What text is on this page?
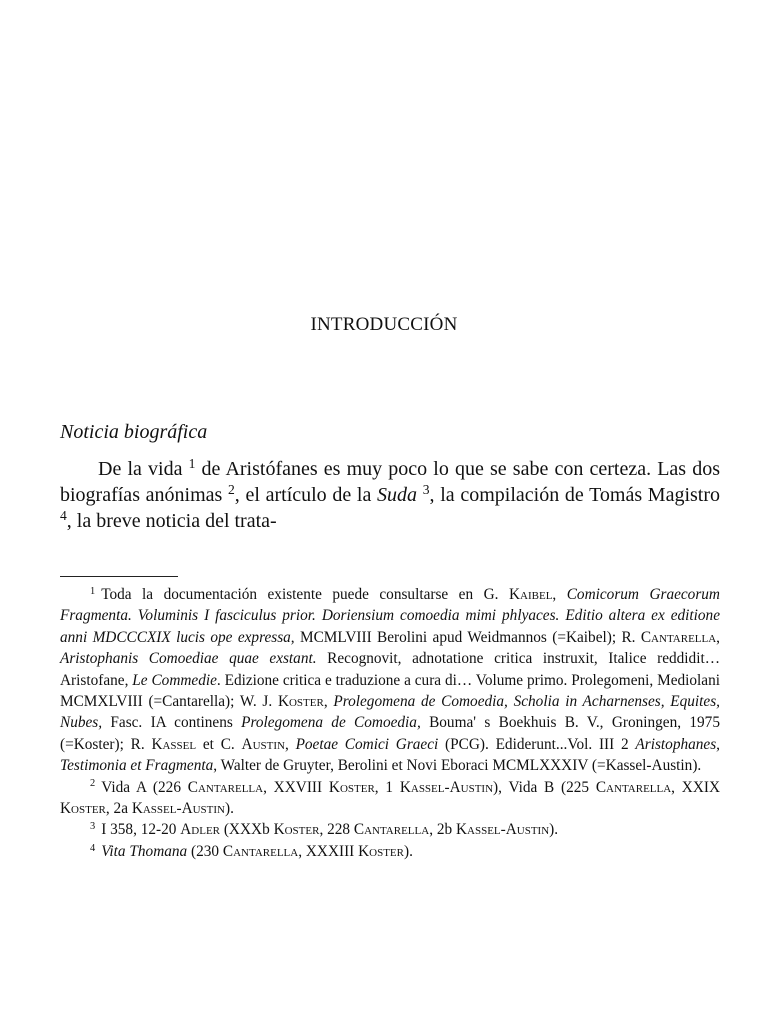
INTRODUCCIÓN
Noticia biográfica

De la vida $^1$ de Aristófanes es muy poco lo que se sabe con certeza. Las dos biografías anónimas $^2$, el artículo de la Suda $^3$, la compilación de Tomás Magistro $^4$, la breve noticia del trata-

$^1$ Toda la documentación existente puede consultarse en G. Kaibel, Comicorum Graecorum Fragmenta. Voluminis I fasciculus prior. Doriensium comoedia mimi phlyaces. Editio altera ex editione anni MDCCCXIX lucis ope expressa, MCMLVIII Berolini apud Weidmannos (=Kaibel); R. Cantarella, Aristophanis Comoediae quae exstant. Recognovit, adnotatione critica instruxit, Italice reddidit… Aristofane, Le Commedie. Edizione critica e traduzione a cura di… Volume primo. Prolegomeni, Mediolani MCMXLVIII (=Cantarella); W. J. Koster, Prolegomena de Comoedia, Scholia in Acharnenses, Equites, Nubes, Fasc. IA continens Prolegomena de Comoedia, Bouma' s Boekhuis B. V., Groningen, 1975 (=Koster); R. Kassel et C. Austin, Poetae Comici Graeci (PCG). Ediderunt...Vol. III 2 Aristophanes, Testimonia et Fragmenta, Walter de Gruyter, Berolini et Novi Eboraci MCMLXXXIV (=Kassel-Austin).

$^2$ Vida A (226 Cantarella, XXVIII Koster, 1 Kassel-Austin), Vida B (225 Cantarella, XXIX Koster, 2a Kassel-Austin).

$^3$ I 358, 12-20 Adler (XXXb Koster, 228 Cantarella, 2b Kassel-Austin).

$^4$ Vita Thomana (230 Cantarella, XXXIII Koster).
